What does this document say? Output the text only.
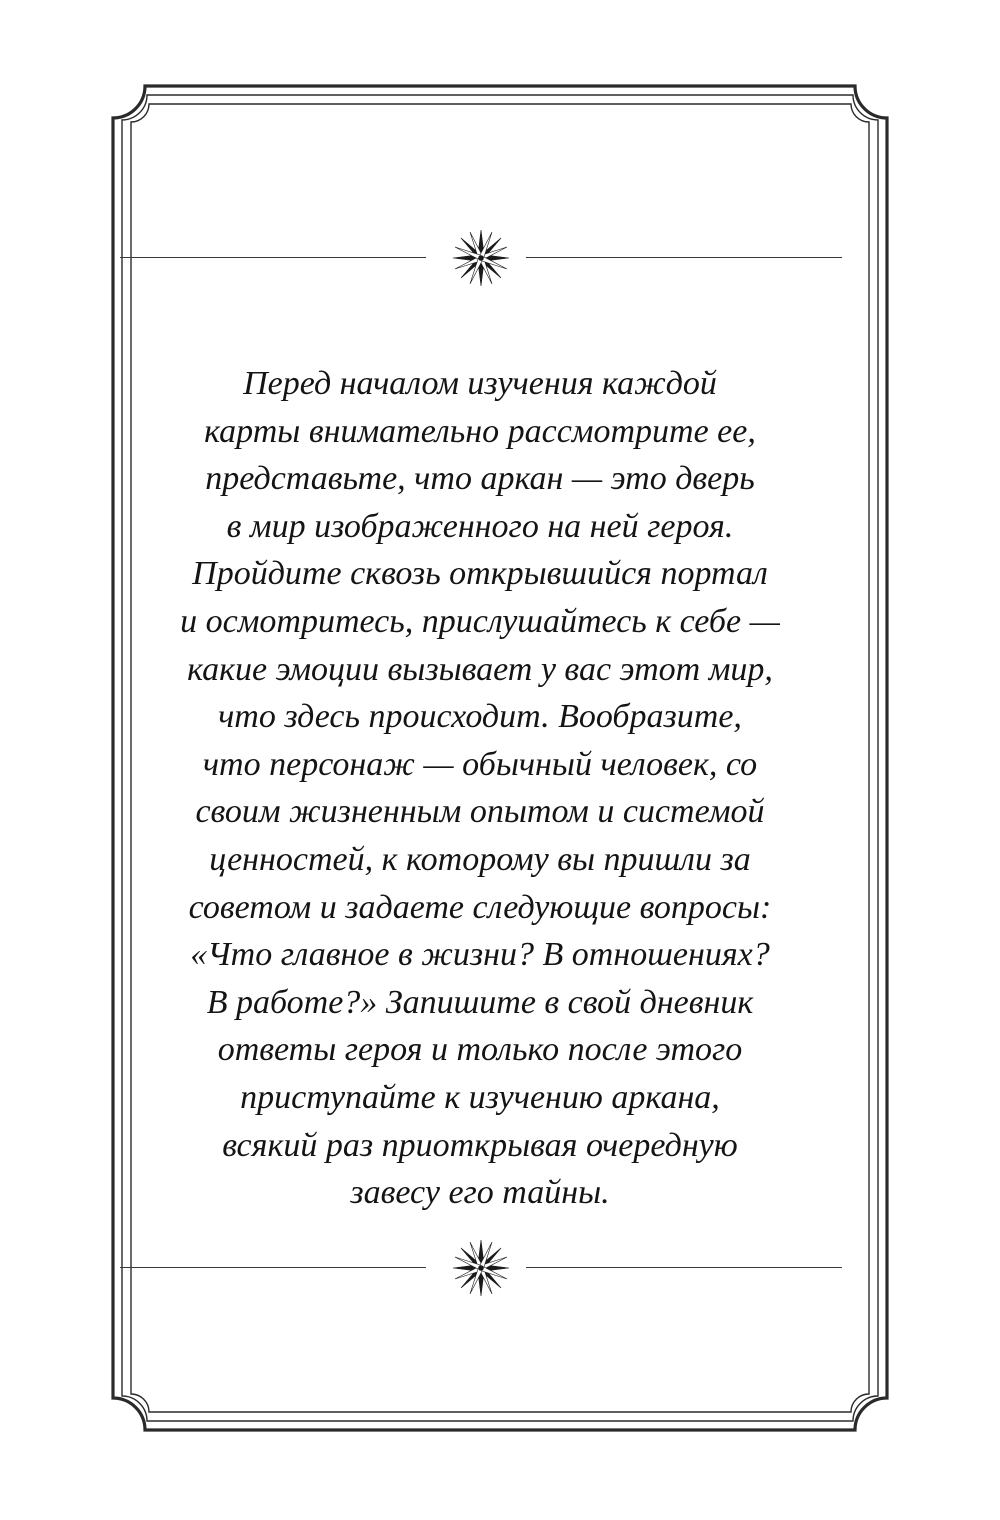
Перед началом изучения каждой
карты внимательно рассмотрите ее,
представьте, что аркан — это дверь
в мир изображенного на ней героя.
Пройдите сквозь открывшийся портал
и осмотритесь, прислушайтесь к себе —
какие эмоции вызывает у вас этот мир,
что здесь происходит. Вообразите,
что персонаж — обычный человек, со
своим жизненным опытом и системой
ценностей, к которому вы пришли за
советом и задаете следующие вопросы:
«Что главное в жизни? В отношениях?
В работе?» Запишите в свой дневник
ответы героя и только после этого
приступайте к изучению аркана,
всякий раз приоткрывая очередную
завесу его тайны.
